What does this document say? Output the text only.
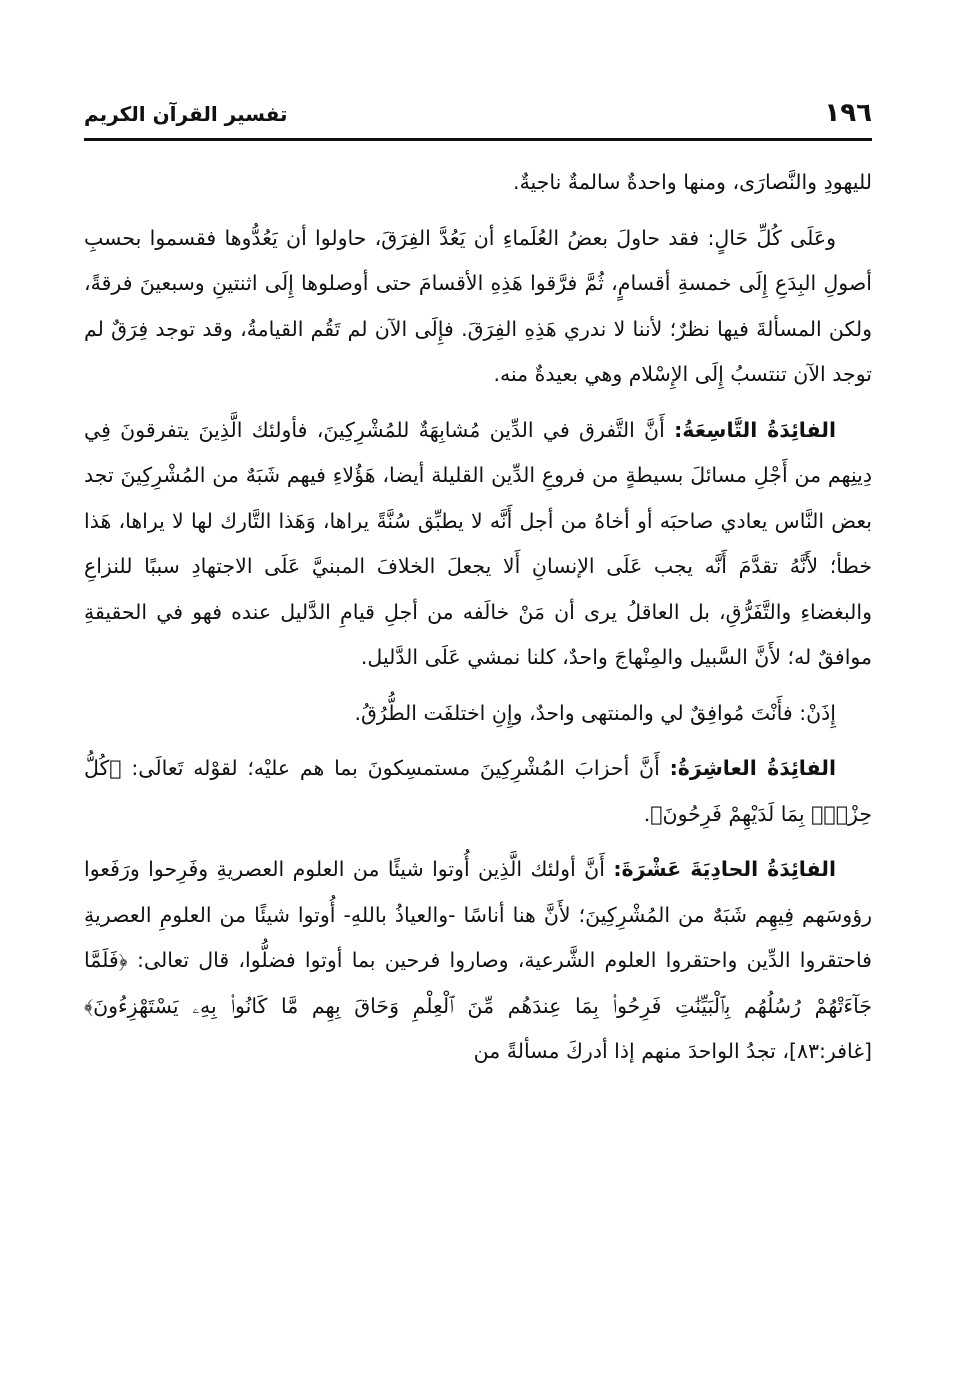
١٩٦
تفسير القرآن الكريم

لليهودِ والنَّصارَى، ومنها واحدةٌ سالمةٌ ناجيةٌ.

وعَلَى كُلِّ حَالٍ: فقد حاولَ بعضُ العُلَماءِ أن يَعُدَّ الفِرَقَ، حاولوا أن يَعُدُّوها فقسموا بحسبِ أصولِ البِدَعِ إِلَى خمسةِ أقسامٍ، ثُمَّ فرَّقوا هَذِهِ الأقسامَ حتى أوصلوها إِلَى اثنتينِ وسبعينَ فرقةً، ولكن المسألةَ فيها نظرٌ؛ لأننا لا ندري هَذِهِ الفِرَقَ. فإِلَى الآن لم تَقُم القيامةُ، وقد توجد فِرَقٌ لم توجد الآن تنتسبُ إِلَى الإِسْلام وهي بعيدةٌ منه.

الفائِدَةُ التَّاسِعَةُ: أَنَّ التَّفرق في الدِّين مُشابِهَةٌ للمُشْرِكِينَ، فأولئك الَّذِينَ يتفرقونَ فِي دِينِهم من أَجْلِ مسائلَ بسيطةٍ من فروعِ الدِّين القليلة أيضا، هَؤُلاءِ فيهم شَبَهٌ من المُشْرِكِينَ تجد بعض النَّاس يعادي صاحبَه أو أخاهُ من أجل أَنَّه لا يطبِّق سُنَّةً يراها، وَهَذا التَّارك لها لا يراها، هَذا خطأ؛ لأَنَّهُ تقدَّمَ أَنَّه يجب عَلَى الإنسانِ أَلا يجعلَ الخلافَ المبنيَّ عَلَى الاجتهادِ سببًا للنزاعِ والبغضاءِ والتَّفَرُّقِ، بل العاقلُ يرى أن مَنْ خالَفه من أجلِ قيامِ الدَّليل عنده فهو في الحقيقةِ موافقٌ له؛ لأَنَّ السَّبيل والمِنْهاجَ واحدٌ، كلنا نمشي عَلَى الدَّليل.

إِذَنْ: فأَنْتَ مُوافِقٌ لي والمنتهى واحدٌ، وإِنِ اختلفَت الطُّرُقُ.

الفائِدَةُ العاشِرَةُ: أَنَّ أحزابَ المُشْرِكِينَ مستمسِكونَ بما هم عليْه؛ لقوْله تَعالَى: ﴿كُلُّ حِزْبِۭ بِمَا لَدَيْهِمْ فَرِحُونَ﴾.

الفائِدَةُ الحادِيَةَ عَشْرَةَ: أَنَّ أولئك الَّذِين أُوتوا شيئًا من العلوم العصريةِ وفَرِحوا ورَفَعوا رؤوسَهم فِيهِم شَبَهٌ من المُشْرِكِينَ؛ لأَنَّ هنا أناسًا -والعياذُ باللهِ- أُوتوا شيئًا من العلومِ العصريةِ فاحتقروا الدِّين واحتقروا العلوم الشَّرعية، وصاروا فرحين بما أوتوا فضلُّوا، قال تعالى: ﴿فَلَمَّا جَآءَتْهُمْ رُسُلُهُم بِٱلْبَيِّنَٰتِ فَرِحُوا۟ بِمَا عِندَهُم مِّنَ ٱلْعِلْمِ وَحَاقَ بِهِم مَّا كَانُوا۟ بِهِۦ يَسْتَهْزِءُونَ﴾ [غافر:٨٣]، تجدُ الواحدَ منهم إذا أدركَ مسألةً من
